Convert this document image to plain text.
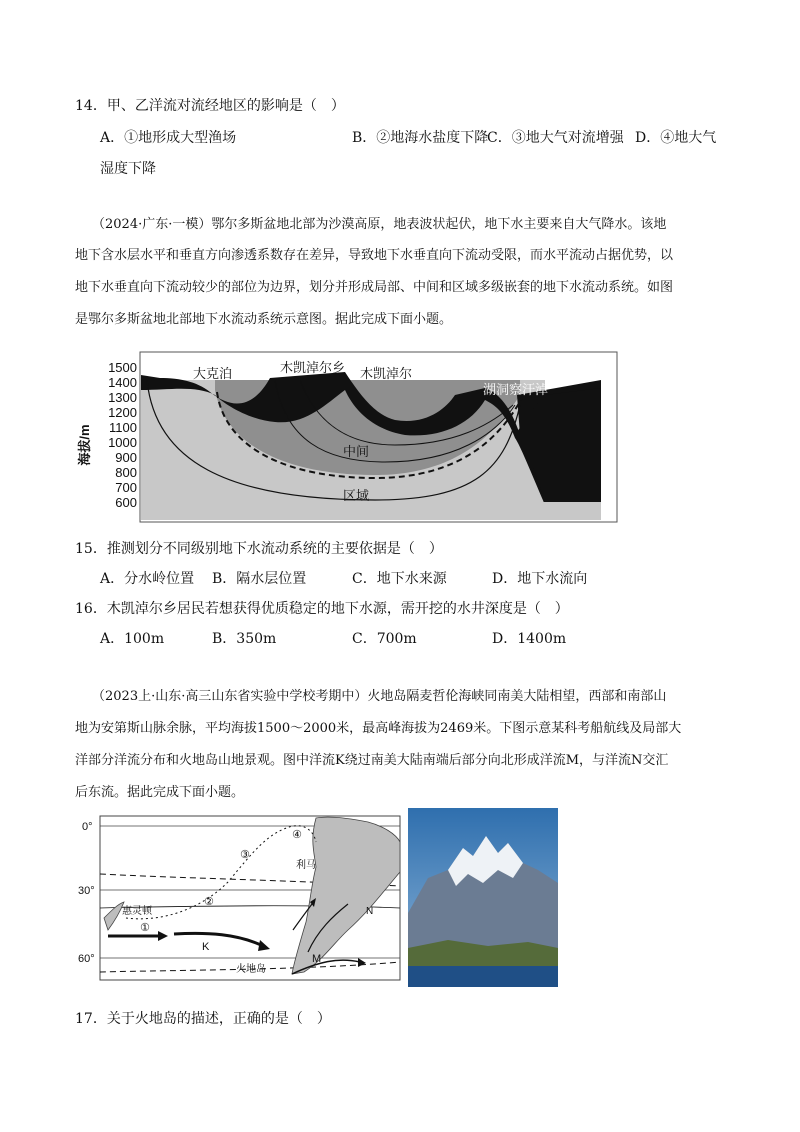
14．甲、乙洋流对流经地区的影响是（　）
A．①地形成大型渔场	B．②地海水盐度下降
C．③地大气对流增强 D．④地大气
湿度下降
（2024·广东·一模）鄂尔多斯盆地北部为沙漠高原，地表波状起伏，地下水主要来自大气降水。该地
地下含水层水平和垂直方向渗透系数存在差异，导致地下水垂直向下流动受限，而水平流动占据优势，以
地下水垂直向下流动较少的部位为边界，划分并形成局部、中间和区域多级嵌套的地下水流动系统。如图
是鄂尔多斯盆地北部地下水流动系统示意图。据此完成下面小题。
1500
1400
1300
1200
1100
1000
900
800
700
600
海拔/m
大克泊	木凯淖尔乡 木凯淖尔
湖洞察汗淖
中间
区域
15．推测划分不同级别地下水流动系统的主要依据是（　）
A．分水岭位置 B．隔水层位置	C．地下水来源	D．地下水流向
16．木凯淖尔乡居民若想获得优质稳定的地下水源，需开挖的水井深度是（　）
A．100m	B．350m	C．700m	D．1400m
（2023上·山东·高三山东省实验中学校考期中）火地岛隔麦哲伦海峡同南美大陆相望，西部和南部山
地为安第斯山脉余脉，平均海拔1500～2000米，最高峰海拔为2469米。下图示意某科考船航线及局部大
洋部分洋流分布和火地岛山地景观。图中洋流K绕过南美大陆南端后部分向北形成洋流M，与洋流N交汇
后东流。据此完成下面小题。
0°
30°
60°
惠灵顿
利马
火地岛
K
M
N
①
②
③
④
17．关于火地岛的描述，正确的是（　）
